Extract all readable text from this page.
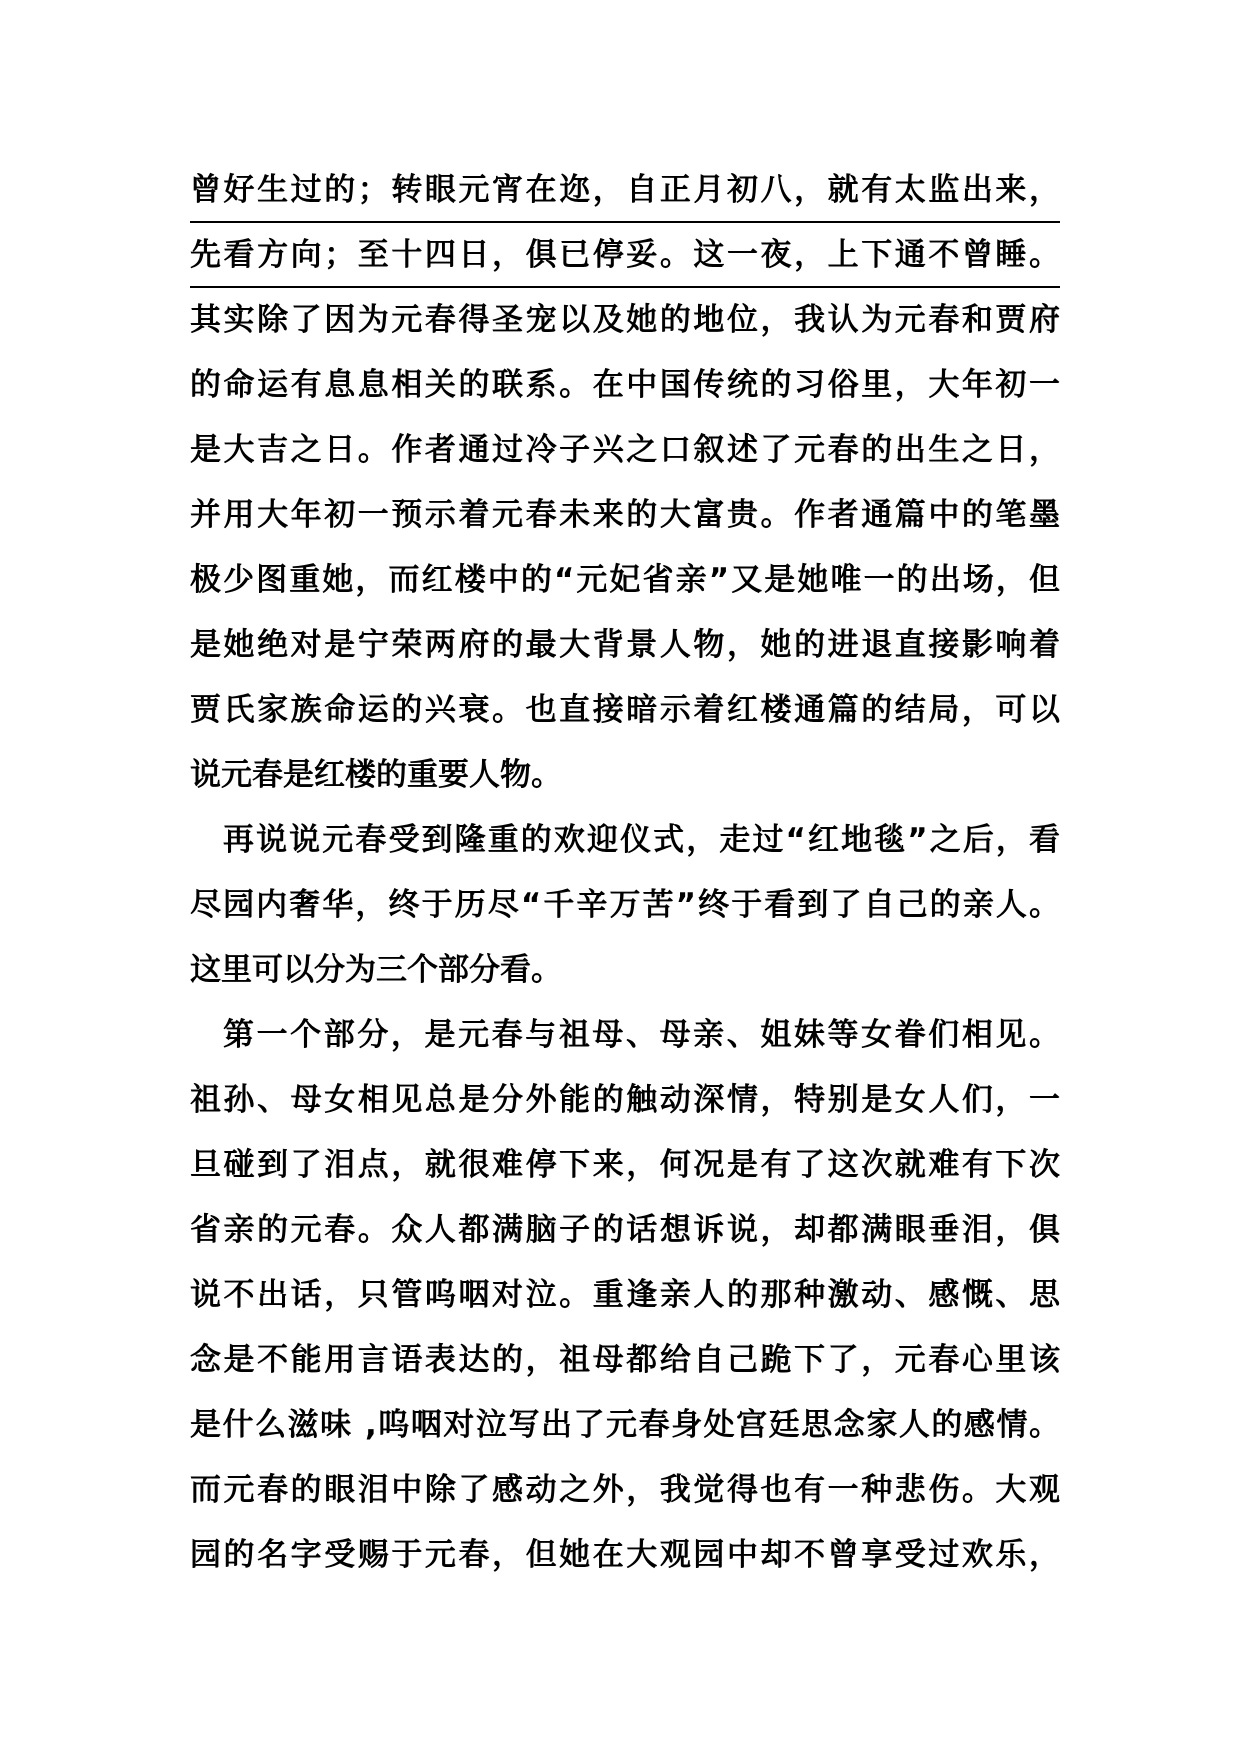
曾好生过的；转眼元宵在迩，自正月初八，就有太监出来，
先看方向；至十四日，俱已停妥。这一夜，上下通不曾睡。
其实除了因为元春得圣宠以及她的地位，我认为元春和贾府
的命运有息息相关的联系。在中国传统的习俗里，大年初一
是大吉之日。作者通过冷子兴之口叙述了元春的出生之日，
并用大年初一预示着元春未来的大富贵。作者通篇中的笔墨
极少图重她，而红楼中的“元妃省亲”又是她唯一的出场，但
是她绝对是宁荣两府的最大背景人物，她的进退直接影响着
贾氏家族命运的兴衰。也直接暗示着红楼通篇的结局，可以
说元春是红楼的重要人物。
再说说元春受到隆重的欢迎仪式，走过“红地毯”之后，看
尽园内奢华，终于历尽“千辛万苦”终于看到了自己的亲人。
这里可以分为三个部分看。
第一个部分，是元春与祖母、母亲、姐妹等女眷们相见。
祖孙、母女相见总是分外能的触动深情，特别是女人们，一
旦碰到了泪点，就很难停下来，何况是有了这次就难有下次
省亲的元春。众人都满脑子的话想诉说，却都满眼垂泪，俱
说不出话，只管呜咽对泣。重逢亲人的那种激动、感慨、思
念是不能用言语表达的，祖母都给自己跪下了，元春心里该
是什么滋味 ,呜咽对泣写出了元春身处宫廷思念家人的感情。
而元春的眼泪中除了感动之外，我觉得也有一种悲伤。大观
园的名字受赐于元春，但她在大观园中却不曾享受过欢乐，
